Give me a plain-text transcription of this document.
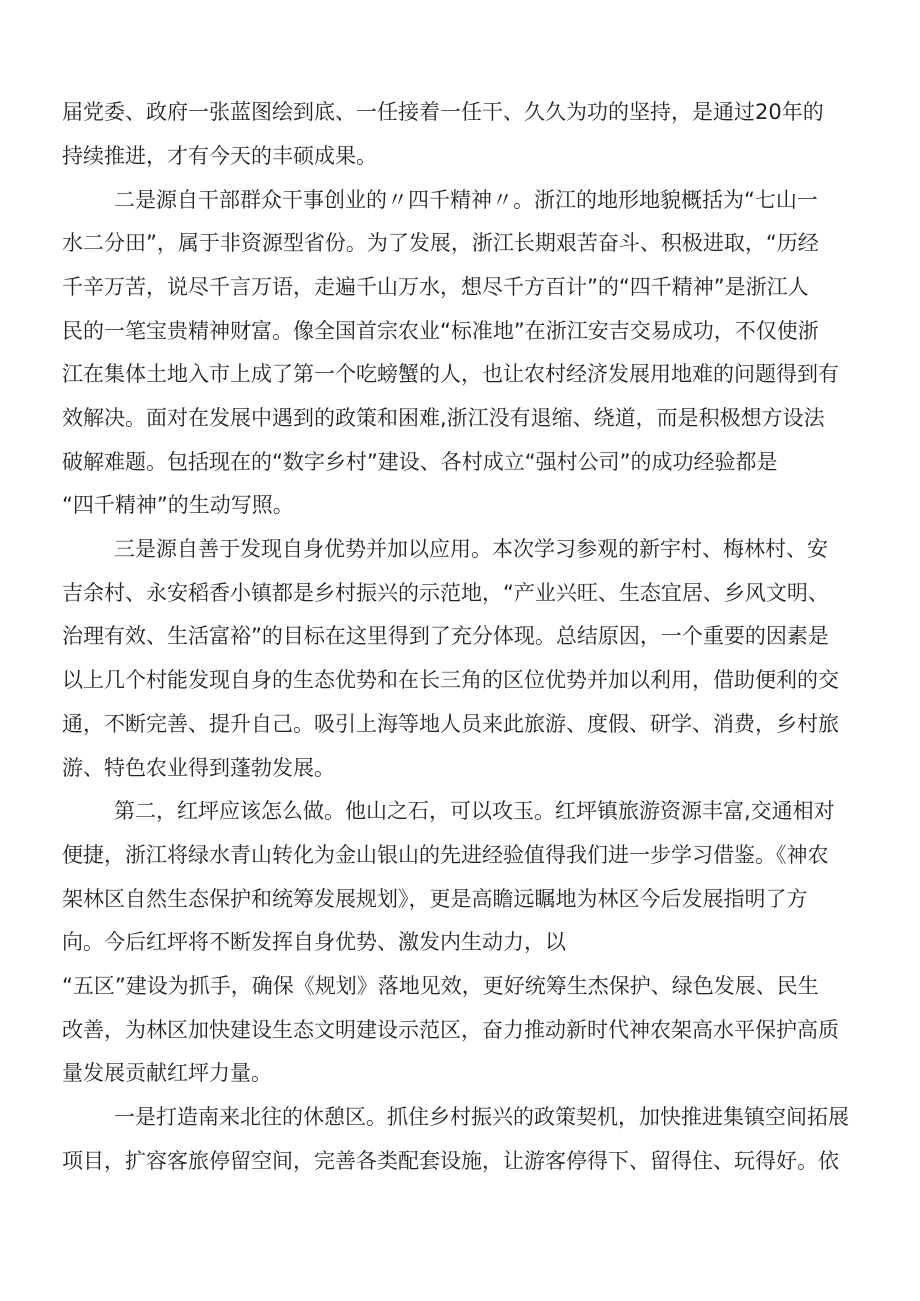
届党委、政府一张蓝图绘到底、一任接着一任干、久久为功的坚持，是通过20年的
持续推进，才有今天的丰硕成果。
二是源自干部群众干事创业的〃四千精神〃。浙江的地形地貌概括为“七山一
水二分田”，属于非资源型省份。为了发展，浙江长期艰苦奋斗、积极进取，“历经
千辛万苦，说尽千言万语，走遍千山万水，想尽千方百计”的“四千精神”是浙江人
民的一笔宝贵精神财富。像全国首宗农业“标准地”在浙江安吉交易成功，不仅使浙
江在集体土地入市上成了第一个吃螃蟹的人，也让农村经济发展用地难的问题得到有
效解决。面对在发展中遇到的政策和困难,浙江没有退缩、绕道，而是积极想方设法
破解难题。包括现在的“数字乡村”建设、各村成立“强村公司”的成功经验都是
“四千精神”的生动写照。
三是源自善于发现自身优势并加以应用。本次学习参观的新宇村、梅林村、安
吉余村、永安稻香小镇都是乡村振兴的示范地，“产业兴旺、生态宜居、乡风文明、
治理有效、生活富裕”的目标在这里得到了充分体现。总结原因，一个重要的因素是
以上几个村能发现自身的生态优势和在长三角的区位优势并加以利用，借助便利的交
通，不断完善、提升自己。吸引上海等地人员来此旅游、度假、研学、消费，乡村旅
游、特色农业得到蓬勃发展。
第二，红坪应该怎么做。他山之石，可以攻玉。红坪镇旅游资源丰富,交通相对
便捷，浙江将绿水青山转化为金山银山的先进经验值得我们进一步学习借鉴。《神农
架林区自然生态保护和统筹发展规划》，更是高瞻远瞩地为林区今后发展指明了方
向。今后红坪将不断发挥自身优势、激发内生动力，以
“五区”建设为抓手，确保《规划》落地见效，更好统筹生杰保护、绿色发展、民生
改善，为林区加快建设生态文明建设示范区，奋力推动新时代神农架高水平保护高质
量发展贡献红坪力量。
一是打造南来北往的休憩区。抓住乡村振兴的政策契机，加快推进集镇空间拓展
项目，扩容客旅停留空间，完善各类配套设施，让游客停得下、留得住、玩得好。依
